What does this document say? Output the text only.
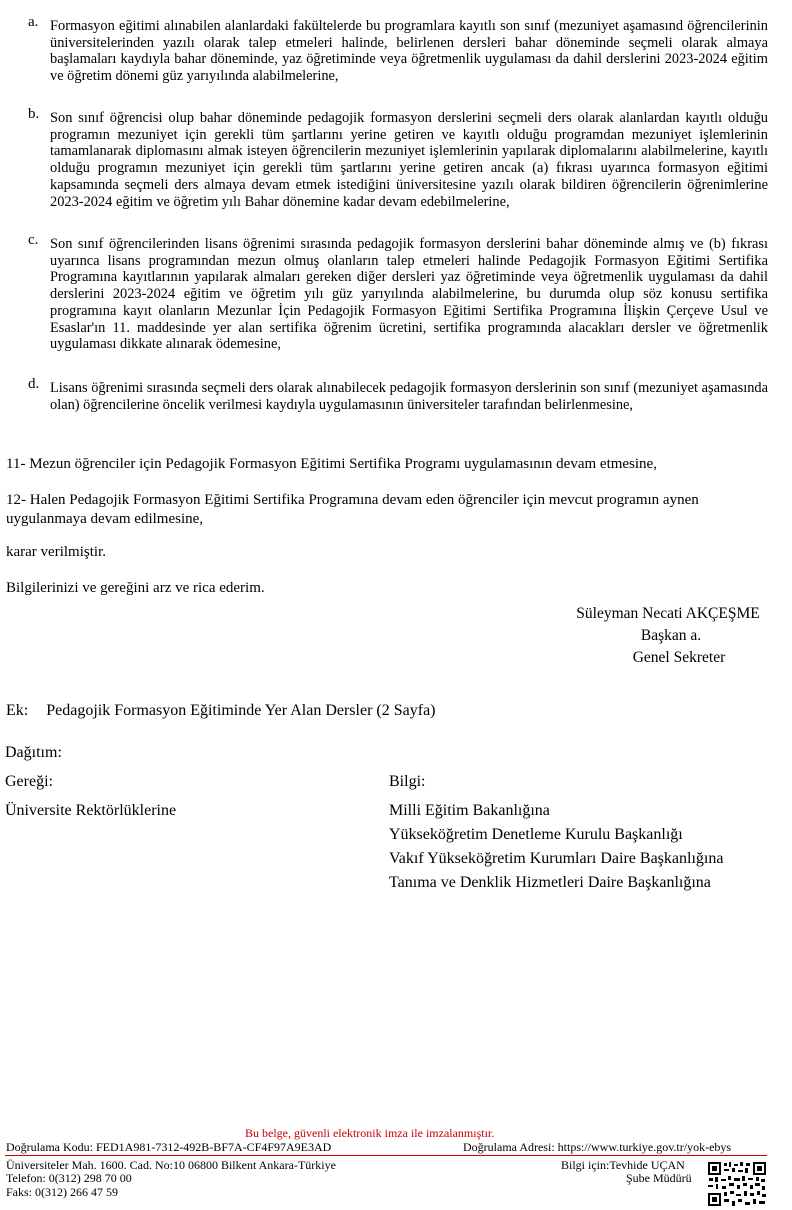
a. Formasyon eğitimi alınabilen alanlardaki fakültelerde bu programlara kayıtlı son sınıf (mezuniyet aşamasınd öğrencilerinin üniversitelerinden yazılı olarak talep etmeleri halinde, belirlenen dersleri bahar döneminde seçmeli olarak almaya başlamaları kaydıyla bahar döneminde, yaz öğretiminde veya öğretmenlik uygulaması da dahil derslerini 2023-2024 eğitim ve öğretim dönemi güz yarıyılında alabilmelerine,
b. Son sınıf öğrencisi olup bahar döneminde pedagojik formasyon derslerini seçmeli ders olarak alanlardan kayıtlı olduğu programın mezuniyet için gerekli tüm şartlarını yerine getiren ve kayıtlı olduğu programdan mezuniyet işlemlerinin tamamlanarak diplomasını almak isteyen öğrencilerin mezuniyet işlemlerinin yapılarak diplomalarını alabilmelerine, kayıtlı olduğu programın mezuniyet için gerekli tüm şartlarını yerine getiren ancak (a) fıkrası uyarınca formasyon eğitimi kapsamında seçmeli ders almaya devam etmek istediğini üniversitesine yazılı olarak bildiren öğrencilerin öğrenimlerine 2023-2024 eğitim ve öğretim yılı Bahar dönemine kadar devam edebilmelerine,
c. Son sınıf öğrencilerinden lisans öğrenimi sırasında pedagojik formasyon derslerini bahar döneminde almış ve (b) fıkrası uyarınca lisans programından mezun olmuş olanların talep etmeleri halinde Pedagojik Formasyon Eğitimi Sertifika Programına kayıtlarının yapılarak almaları gereken diğer dersleri yaz öğretiminde veya öğretmenlik uygulaması da dahil derslerini 2023-2024 eğitim ve öğretim yılı güz yarıyılında alabilmelerine, bu durumda olup söz konusu sertifika programına kayıt olanların Mezunlar İçin Pedagojik Formasyon Eğitimi Sertifika Programına İlişkin Çerçeve Usul ve Esaslar'ın 11. maddesinde yer alan sertifika öğrenim ücretini, sertifika programında alacakları dersler ve öğretmenlik uygulaması dikkate alınarak ödemesine,
d. Lisans öğrenimi sırasında seçmeli ders olarak alınabilecek pedagojik formasyon derslerinin son sınıf (mezuniyet aşamasında olan) öğrencilerine öncelik verilmesi kaydıyla uygulamasının üniversiteler tarafından belirlenmesine,
11- Mezun öğrenciler için Pedagojik Formasyon Eğitimi Sertifika Programı uygulamasının devam etmesine,
12- Halen Pedagojik Formasyon Eğitimi Sertifika Programına devam eden öğrenciler için mevcut programın aynen uygulanmaya devam edilmesine,
karar verilmiştir.
Bilgilerinizi ve gereğini arz ve rica ederim.
Süleyman Necati AKÇEŞME
Başkan a.
Genel Sekreter
Ek: Pedagojik Formasyon Eğitiminde Yer Alan Dersler (2 Sayfa)
Dağıtım:
Gereği:
Üniversite Rektörlüklerine
Bilgi:
Milli Eğitim Bakanlığına
Yükseköğretim Denetleme Kurulu Başkanlığı
Vakıf Yükseköğretim Kurumları Daire Başkanlığına
Tanıma ve Denklik Hizmetleri Daire Başkanlığına
Bu belge, güvenli elektronik imza ile imzalanmıştır.
Doğrulama Kodu: FED1A981-7312-492B-BF7A-CF4F97A9E3AD	Doğrulama Adresi: https://www.turkiye.gov.tr/yok-ebys
Üniversiteler Mah. 1600. Cad. No:10 06800 Bilkent Ankara-Türkiye
Telefon: 0(312) 298 70 00
Faks: 0(312) 266 47 59
Bilgi için:Tevhide UÇAN
Şube Müdürü
